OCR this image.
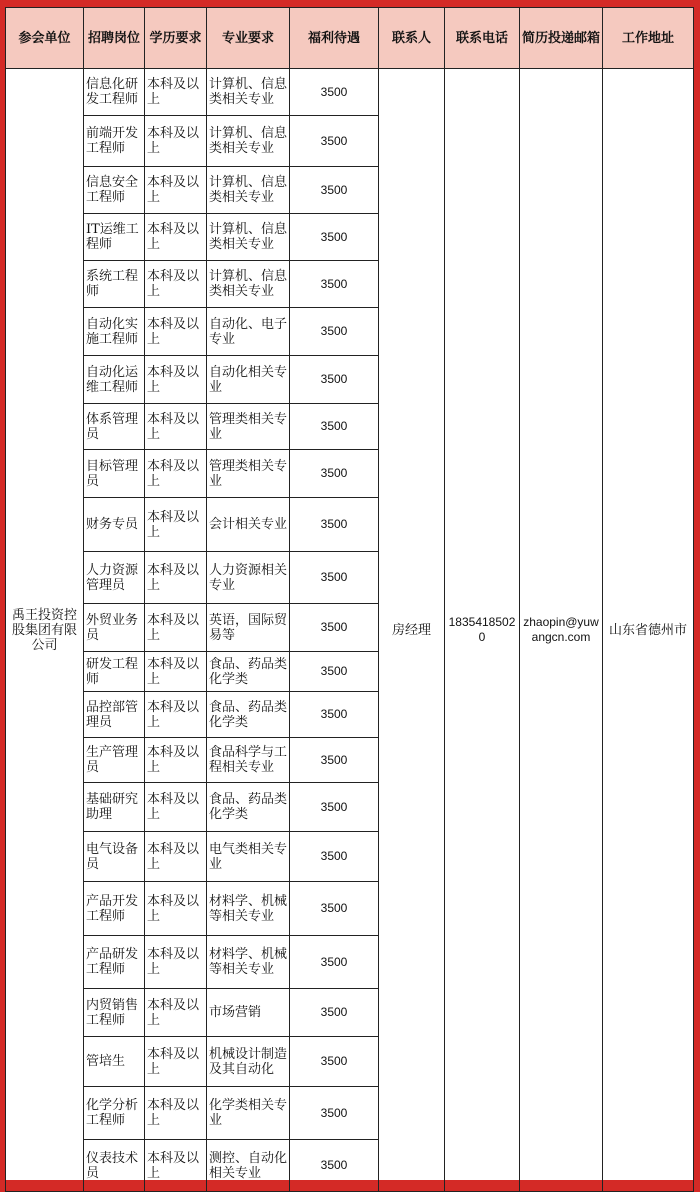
参会单位	招聘岗位	学历要求	专业要求	福利待遇	联系人	联系电话	简历投递邮箱	工作地址
禹王投资控股集团有限公司	信息化研发工程师	本科及以上	计算机、信息类相关专业	3500	房经理	18354185020	zhaopin@yuwangcn.com	山东省德州市
	前端开发工程师	本科及以上	计算机、信息类相关专业	3500				
	信息安全工程师	本科及以上	计算机、信息类相关专业	3500				
	IT运维工程师	本科及以上	计算机、信息类相关专业	3500				
	系统工程师	本科及以上	计算机、信息类相关专业	3500				
	自动化实施工程师	本科及以上	自动化、电子专业	3500				
	自动化运维工程师	本科及以上	自动化相关专业	3500				
	体系管理员	本科及以上	管理类相关专业	3500				
	目标管理员	本科及以上	管理类相关专业	3500				
	财务专员	本科及以上	会计相关专业	3500				
	人力资源管理员	本科及以上	人力资源相关专业	3500				
	外贸业务员	本科及以上	英语，国际贸易等	3500				
	研发工程师	本科及以上	食品、药品类化学类	3500				
	品控部管理员	本科及以上	食品、药品类化学类	3500				
	生产管理员	本科及以上	食品科学与工程相关专业	3500				
	基础研究助理	本科及以上	食品、药品类化学类	3500				
	电气设备员	本科及以上	电气类相关专业	3500				
	产品开发工程师	本科及以上	材料学、机械等相关专业	3500				
	产品研发工程师	本科及以上	材料学、机械等相关专业	3500				
	内贸销售工程师	本科及以上	市场营销	3500				
	管培生	本科及以上	机械设计制造及其自动化	3500				
	化学分析工程师	本科及以上	化学类相关专业	3500				
	仪表技术员	本科及以上	测控、自动化相关专业	3500				
